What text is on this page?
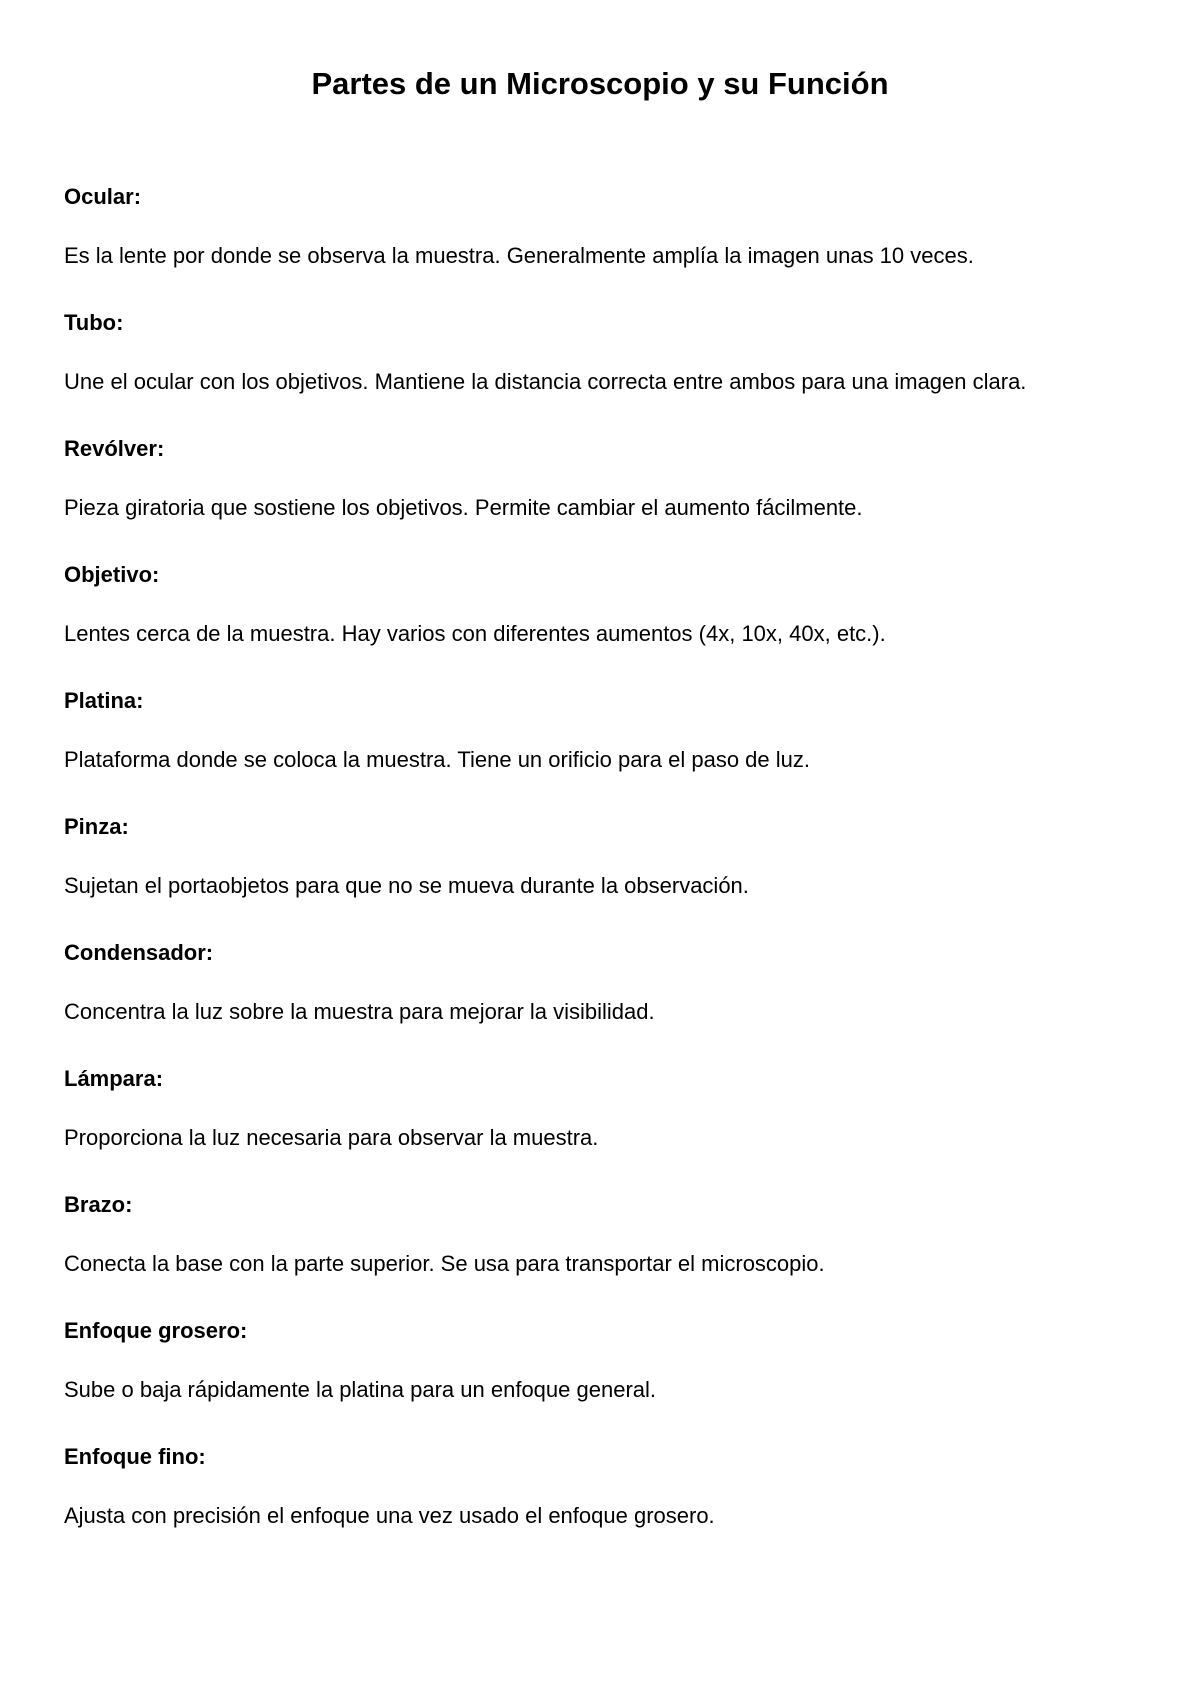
Partes de un Microscopio y su Función
Ocular:
Es la lente por donde se observa la muestra. Generalmente amplía la imagen unas 10 veces.
Tubo:
Une el ocular con los objetivos. Mantiene la distancia correcta entre ambos para una imagen clara.
Revólver:
Pieza giratoria que sostiene los objetivos. Permite cambiar el aumento fácilmente.
Objetivo:
Lentes cerca de la muestra. Hay varios con diferentes aumentos (4x, 10x, 40x, etc.).
Platina:
Plataforma donde se coloca la muestra. Tiene un orificio para el paso de luz.
Pinza:
Sujetan el portaobjetos para que no se mueva durante la observación.
Condensador:
Concentra la luz sobre la muestra para mejorar la visibilidad.
Lámpara:
Proporciona la luz necesaria para observar la muestra.
Brazo:
Conecta la base con la parte superior. Se usa para transportar el microscopio.
Enfoque grosero:
Sube o baja rápidamente la platina para un enfoque general.
Enfoque fino:
Ajusta con precisión el enfoque una vez usado el enfoque grosero.
